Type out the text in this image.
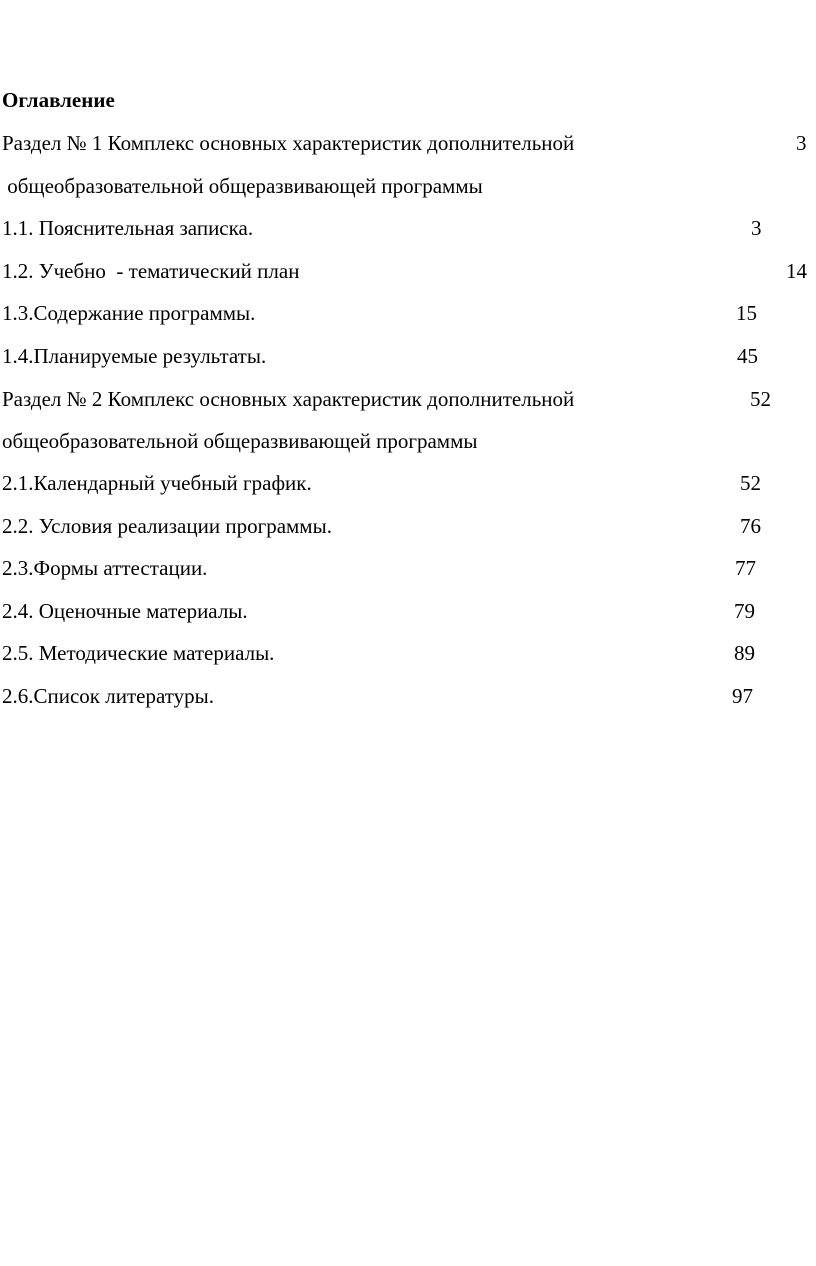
Оглавление
Раздел № 1 Комплекс основных характеристик дополнительной	3
общеобразовательной общеразвивающей программы
1.1. Пояснительная записка.	3
1.2. Учебно  - тематический план	14
1.3.Содержание программы.	15
1.4.Планируемые результаты.	45
Раздел № 2 Комплекс основных характеристик дополнительной	52
общеобразовательной общеразвивающей программы
2.1.Календарный учебный график.	52
2.2. Условия реализации программы.	76
2.3.Формы аттестации.	77
2.4. Оценочные материалы.	79
2.5. Методические материалы.	89
2.6.Список литературы.	97
